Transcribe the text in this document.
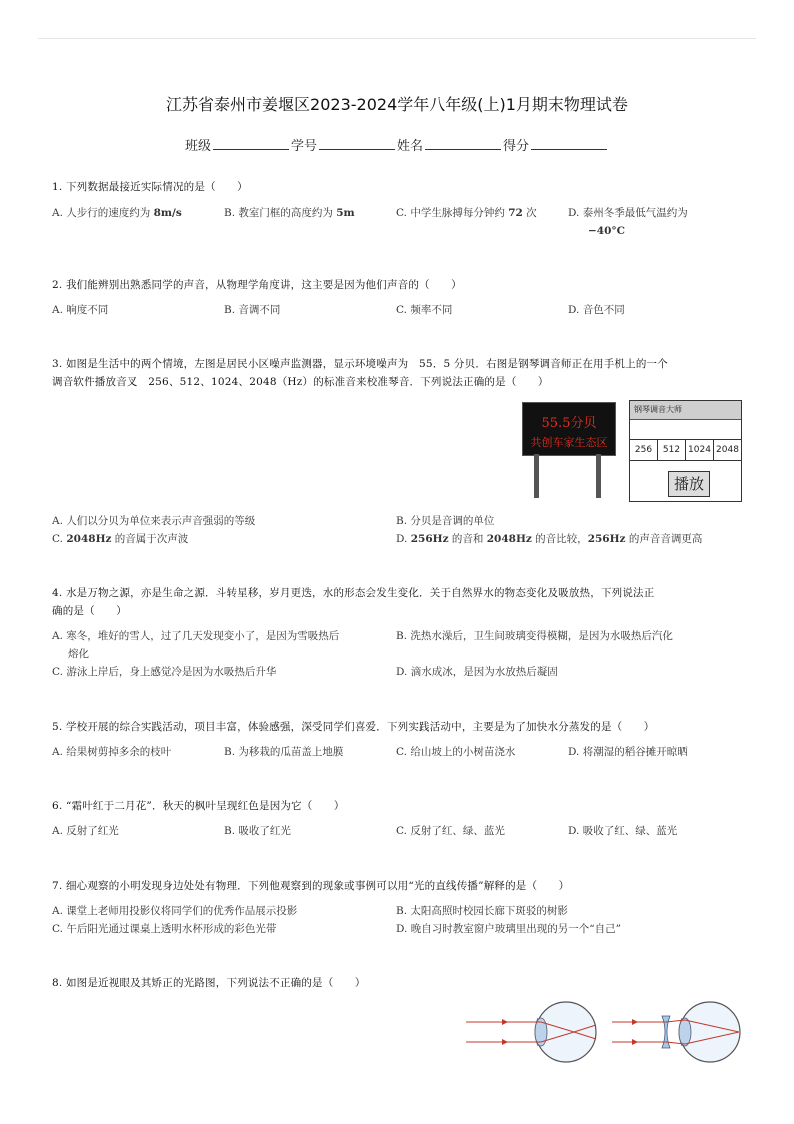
江苏省泰州市姜堰区2023-2024学年八年级(上)1月期末物理试卷
班级	学号	姓名	得分
1. 下列数据最接近实际情况的是（　　）
A. 人步行的速度约为 8m/s	B. 教室门框的高度约为 5m	C. 中学生脉搏每分钟约 72 次	D. 泰州冬季最低气温约为
−40°C
2. 我们能辨别出熟悉同学的声音，从物理学角度讲，这主要是因为他们声音的（　　）
A. 响度不同	B. 音调不同	C. 频率不同	D. 音色不同
3. 如图是生活中的两个情境，左图是居民小区噪声监测器，显示环境噪声为　55．5 分贝．右图是钢琴调音师正在用手机上的一个
调音软件播放音叉　256、512、1024、2048（Hz）的标准音来校准琴音．下列说法正确的是（　　）
55.5分贝
共创车家生态区
钢琴调音大师
256	512 1024 2048
播放
A. 人们以分贝为单位来表示声音强弱的等级	B. 分贝是音调的单位
C. 2048Hz 的音属于次声波	D. 256Hz 的音和 2048Hz 的音比较，256Hz 的声音音调更高
4. 水是万物之源，亦是生命之源．斗转星移，岁月更迭，水的形态会发生变化．关于自然界水的物态变化及吸放热，下列说法正
确的是（　　）
A. 寒冬，堆好的雪人，过了几天发现变小了，是因为雪吸热后
熔化
B. 洗热水澡后，卫生间玻璃变得模糊，是因为水吸热后汽化
C. 游泳上岸后，身上感觉冷是因为水吸热后升华	D. 滴水成冰，是因为水放热后凝固
5. 学校开展的综合实践活动，项目丰富，体验感强，深受同学们喜爱．下列实践活动中，主要是为了加快水分蒸发的是（　　）
A. 给果树剪掉多余的枝叶	B. 为移栽的瓜苗盖上地膜	C. 给山坡上的小树苗浇水	D. 将潮湿的稻谷摊开晾晒
6. “霜叶红于二月花”．秋天的枫叶呈现红色是因为它（　　）
A. 反射了红光	B. 吸收了红光	C. 反射了红、绿、蓝光	D. 吸收了红、绿、蓝光
7. 细心观察的小明发现身边处处有物理．下列他观察到的现象或事例可以用“光的直线传播”解释的是（　　）
A. 课堂上老师用投影仪将同学们的优秀作品展示投影	B. 太阳高照时校园长廊下斑驳的树影
C. 午后阳光通过课桌上透明水杯形成的彩色光带	D. 晚自习时教室窗户玻璃里出现的另一个“自己”
8. 如图是近视眼及其矫正的光路图，下列说法不正确的是（　　）
